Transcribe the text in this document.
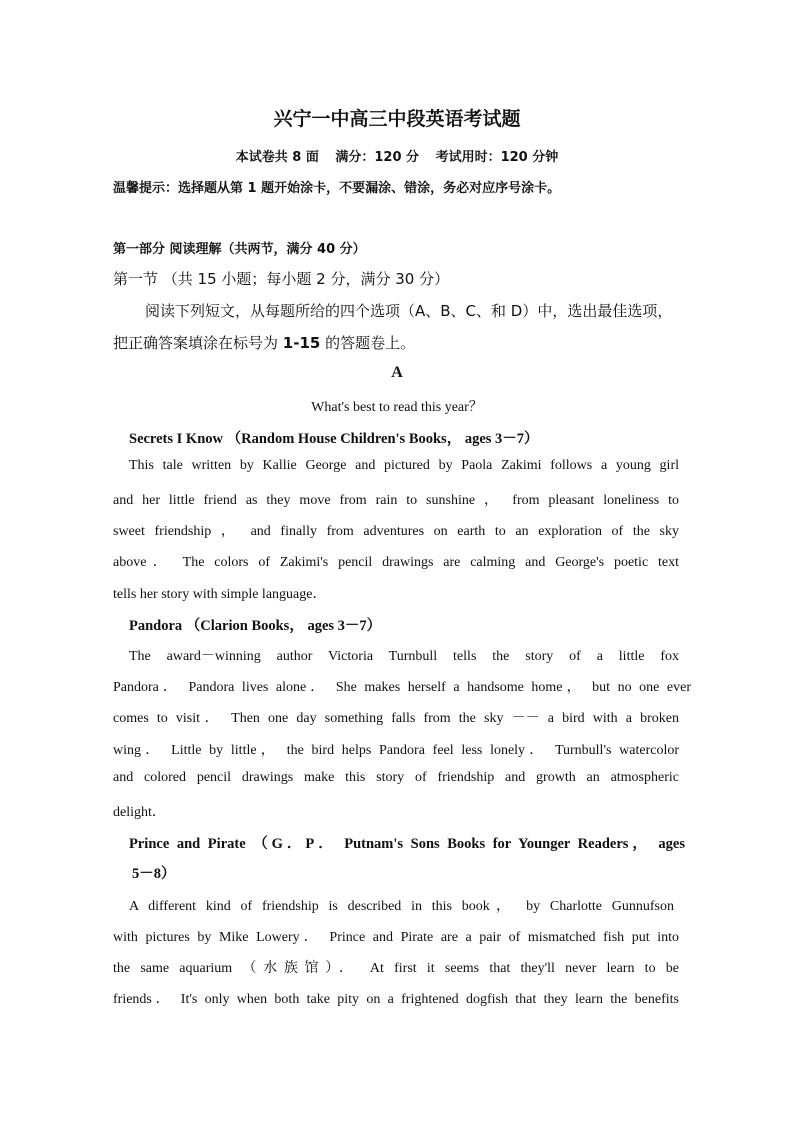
兴宁一中高三中段英语考试题
本试卷共 8 面 满分：120 分 考试用时：120 分钟
温馨提示：选择题从第 1 题开始涂卡，不要漏涂、错涂，务必对应序号涂卡。
第一部分 阅读理解（共两节，满分 40 分）
第一节 （共 15 小题；每小题 2 分，满分 30 分）
阅读下列短文，从每题所给的四个选项（A、B、C、和 D）中，选出最佳选项，
把正确答案填涂在标号为 1-15 的答题卷上。
A
What's best to read this year？
Secrets I Know （Random House Children's Books， ages 3－7）
This tale written by Kallie George and pictured by Paola Zakimi follows a young girl
and her little friend as they move from rain to sunshine ， from pleasant loneliness to
sweet friendship ， and finally from adventures on earth to an exploration of the sky
above． The colors of Zakimi's pencil drawings are calming and George's poetic text
tells her story with simple language．
Pandora （Clarion Books， ages 3－7）
The award－winning author Victoria Turnbull tells the story of a little fox
Pandora． Pandora lives alone． She makes herself a handsome home， but no one ever
comes to visit． Then one day something falls from the sky －－ a bird with a broken
wing． Little by little， the bird helps Pandora feel less lonely． Turnbull's watercolor
and colored pencil drawings make this story of friendship and growth an atmospheric
delight．
Prince and Pirate （G．P． Putnam's Sons Books for Younger Readers， ages
5－8）
A different kind of friendship is described in this book， by Charlotte Gunnufson
with pictures by Mike Lowery． Prince and Pirate are a pair of mismatched fish put into
the same aquarium （水族馆）． At first it seems that they'll never learn to be
friends． It's only when both take pity on a frightened dogfish that they learn the benefits
